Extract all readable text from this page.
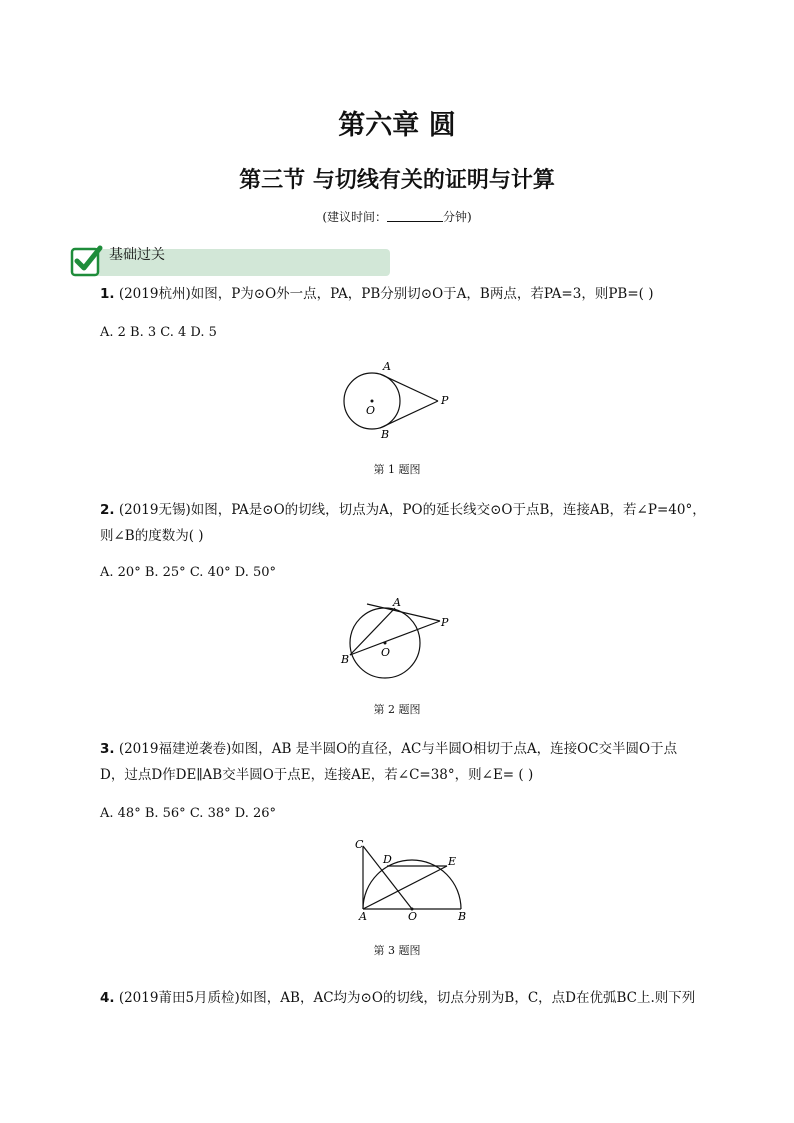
第六章 圆
第三节 与切线有关的证明与计算
(建议时间：	分钟)
基础过关
1. (2019杭州)如图，P为⊙O外一点，PA，PB分别切⊙O于A，B两点，若PA=3，则PB=( )
A. 2 B. 3 C. 4 D. 5
A
B
O
P
第 1 题图
2. (2019无锡)如图，PA是⊙O的切线，切点为A，PO的延长线交⊙O于点B，连接AB，若∠P=40°，
则∠B的度数为( )
A. 20° B. 25° C. 40° D. 50°
A
B
O
P
第 2 题图
3. (2019福建逆袭卷)如图，AB 是半圆O的直径，AC与半圆O相切于点A，连接OC交半圆O于点
D，过点D作DE∥AB交半圆O于点E，连接AE，若∠C=38°，则∠E= ( )
A. 48° B. 56° C. 38° D. 26°
C
D	E
A	O	B
第 3 题图
4. (2019莆田5月质检)如图，AB，AC均为⊙O的切线，切点分别为B，C，点D在优弧BC上.则下列
